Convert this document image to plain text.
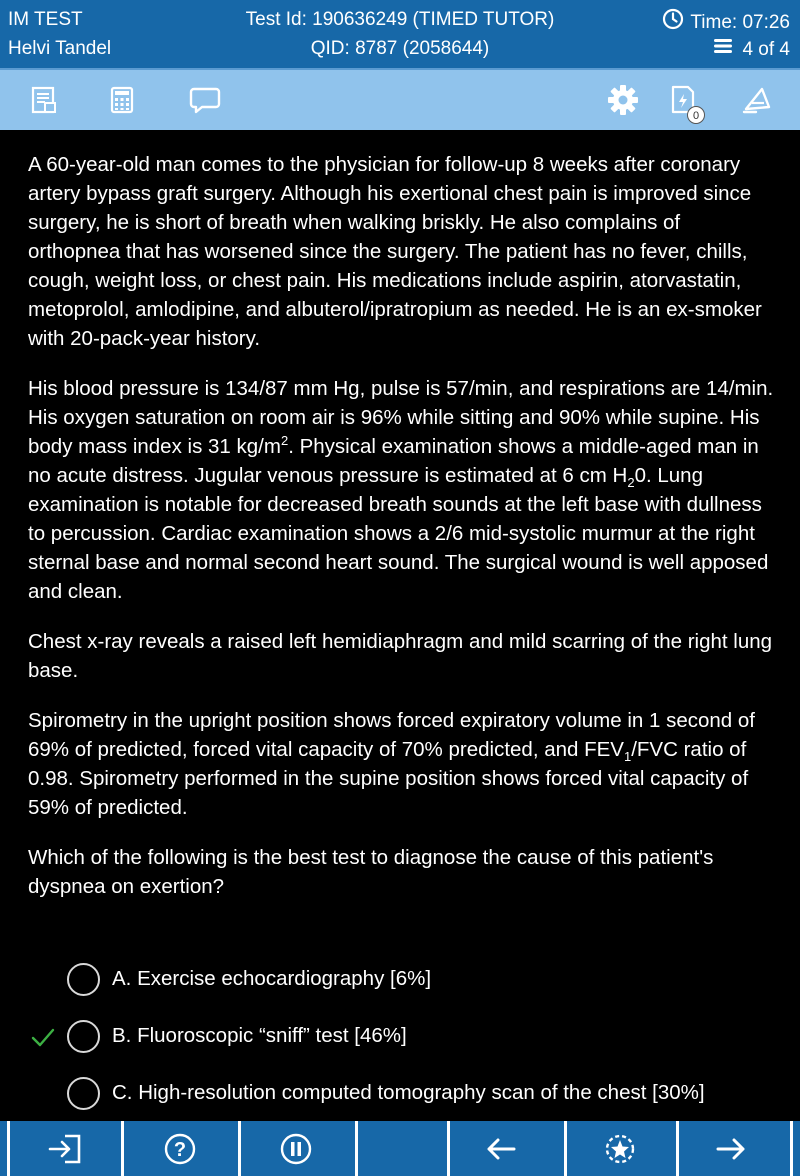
IM TEST
Helvi Tandel
Test Id: 190636249 (TIMED TUTOR)
QID: 8787 (2058644)
Time: 07:26
4 of 4
0

A 60-year-old man comes to the physician for follow-up 8 weeks after coronary artery bypass graft surgery. Although his exertional chest pain is improved since surgery, he is short of breath when walking briskly. He also complains of orthopnea that has worsened since the surgery. The patient has no fever, chills, cough, weight loss, or chest pain. His medications include aspirin, atorvastatin, metoprolol, amlodipine, and albuterol/ipratropium as needed. He is an ex-smoker with 20-pack-year history.

His blood pressure is 134/87 mm Hg, pulse is 57/min, and respirations are 14/min. His oxygen saturation on room air is 96% while sitting and 90% while supine. His body mass index is 31 $kg/m^2$. Physical examination shows a middle-aged man in no acute distress. Jugular venous pressure is estimated at 6 cm $H_20$. Lung examination is notable for decreased breath sounds at the left base with dullness to percussion. Cardiac examination shows a 2/6 mid-systolic murmur at the right sternal base and normal second heart sound. The surgical wound is well apposed and clean.

Chest x-ray reveals a raised left hemidiaphragm and mild scarring of the right lung base.

Spirometry in the upright position shows forced expiratory volume in 1 second of 69% of predicted, forced vital capacity of 70% predicted, and $FEV_1$/FVC ratio of 0.98. Spirometry performed in the supine position shows forced vital capacity of 59% of predicted.

Which of the following is the best test to diagnose the cause of this patient's dyspnea on exertion?

A. Exercise echocardiography [6%]
B. Fluoroscopic “sniff” test [46%]
C. High-resolution computed tomography scan of the chest [30%]
?
